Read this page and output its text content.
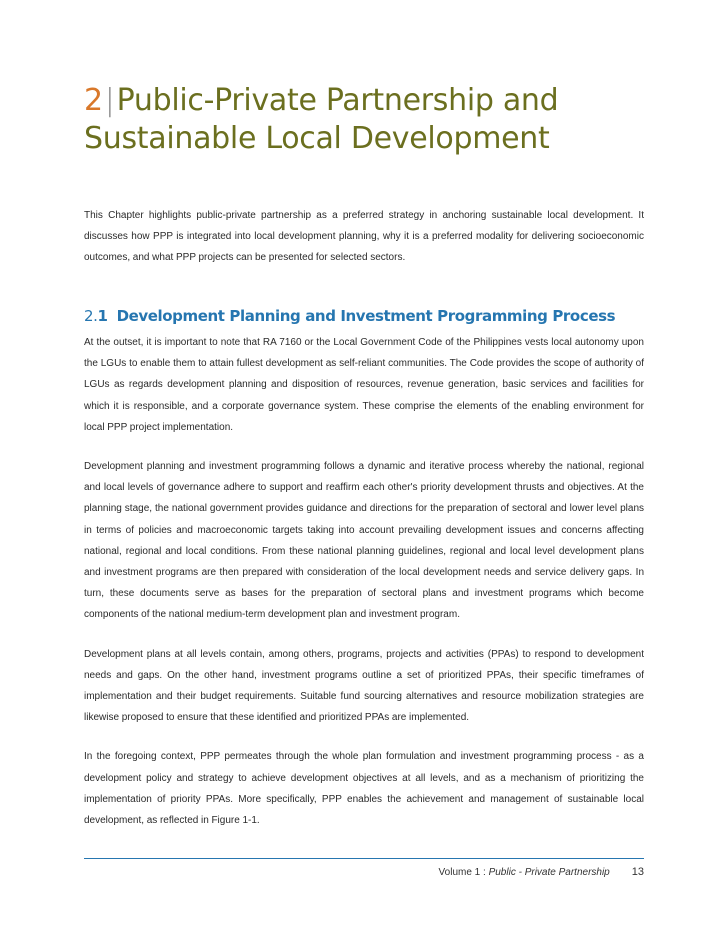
2|Public-Private Partnership and Sustainable Local Development

This Chapter highlights public-private partnership as a preferred strategy in anchoring sustainable local development. It discusses how PPP is integrated into local development planning, why it is a preferred modality for delivering socioeconomic outcomes, and what PPP projects can be presented for selected sectors.

2.1 Development Planning and Investment Programming Process

At the outset, it is important to note that RA 7160 or the Local Government Code of the Philippines vests local autonomy upon the LGUs to enable them to attain fullest development as self-reliant communities. The Code provides the scope of authority of LGUs as regards development planning and disposition of resources, revenue generation, basic services and facilities for which it is responsible, and a corporate governance system. These comprise the elements of the enabling environment for local PPP project implementation.

Development planning and investment programming follows a dynamic and iterative process whereby the national, regional and local levels of governance adhere to support and reaffirm each other's priority development thrusts and objectives. At the planning stage, the national government provides guidance and directions for the preparation of sectoral and lower level plans in terms of policies and macroeconomic targets taking into account prevailing development issues and concerns affecting national, regional and local conditions. From these national planning guidelines, regional and local level development plans and investment programs are then prepared with consideration of the local development needs and service delivery gaps. In turn, these documents serve as bases for the preparation of sectoral plans and investment programs which become components of the national medium-term development plan and investment program.

Development plans at all levels contain, among others, programs, projects and activities (PPAs) to respond to development needs and gaps. On the other hand, investment programs outline a set of prioritized PPAs, their specific timeframes of implementation and their budget requirements. Suitable fund sourcing alternatives and resource mobilization strategies are likewise proposed to ensure that these identified and prioritized PPAs are implemented.

In the foregoing context, PPP permeates through the whole plan formulation and investment programming process - as a development policy and strategy to achieve development objectives at all levels, and as a mechanism of prioritizing the implementation of priority PPAs. More specifically, PPP enables the achievement and management of sustainable local development, as reflected in Figure 1-1.

Volume 1 : Public - Private Partnership 13
